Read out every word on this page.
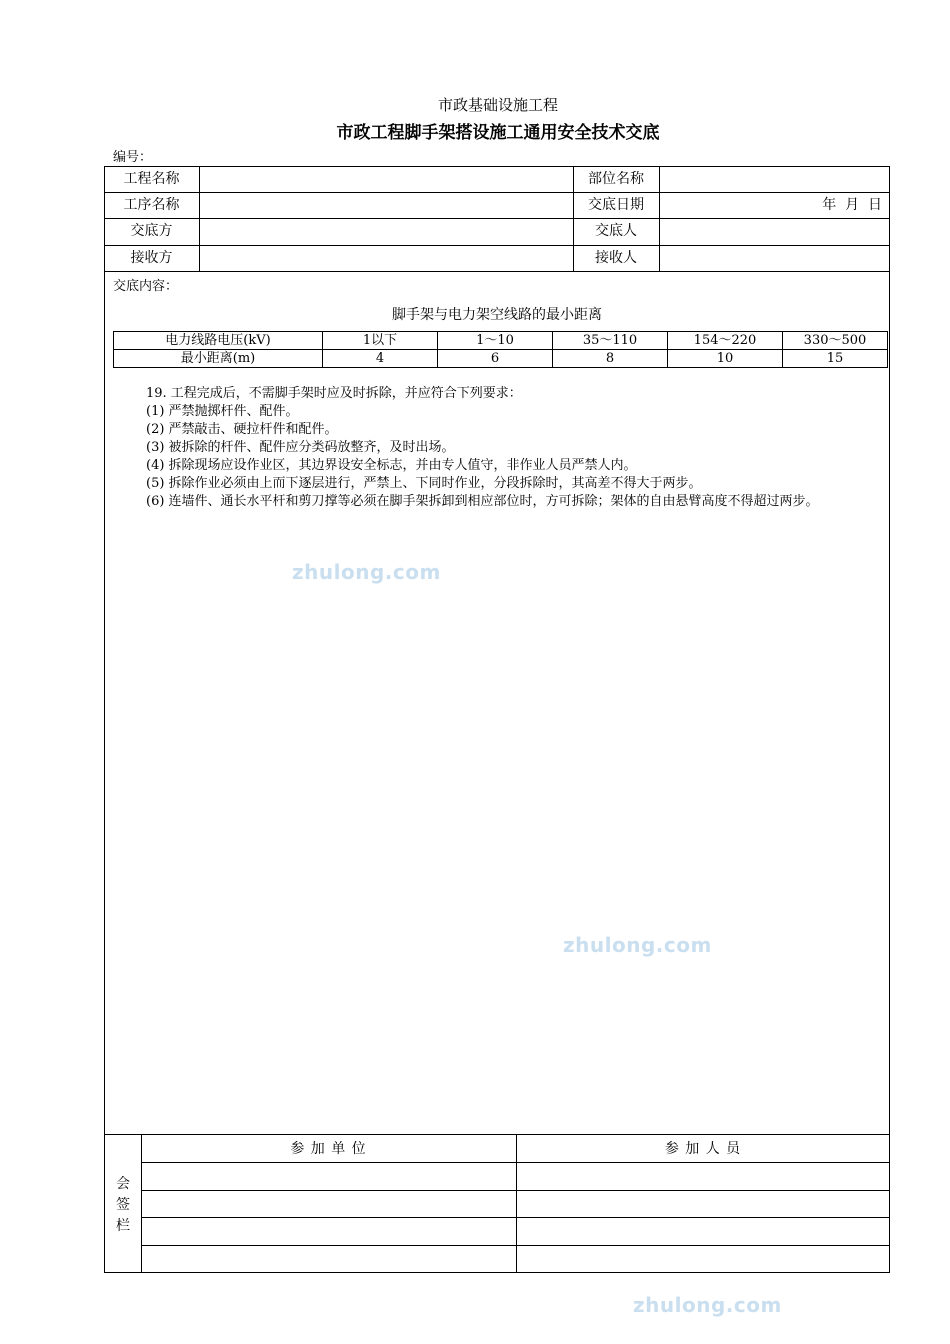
市政基础设施工程
市政工程脚手架搭设施工通用安全技术交底
编号：
工程名称	部位名称
工序名称	交底日期	年  月  日
交底方	交底人
接收方	接收人
交底内容：
脚手架与电力架空线路的最小距离
电力线路电压(kV)	1以下	1～10	35～110	154～220	330～500
最小距离(m)	4	6	8	10	15

19. 工程完成后，不需脚手架时应及时拆除，并应符合下列要求：

(1) 严禁抛掷杆件、配件。

(2) 严禁敲击、硬拉杆件和配件。

(3) 被拆除的杆件、配件应分类码放整齐，及时出场。

(4) 拆除现场应设作业区，其边界设安全标志，并由专人值守，非作业人员严禁人内。

(5) 拆除作业必须由上而下逐层进行，严禁上、下同时作业，分段拆除时，其高差不得大于两步。

(6) 连墙件、通长水平杆和剪刀撑等必须在脚手架拆卸到相应部位时，方可拆除；架体的自由悬臂高度不得超过两步。

zhulong.com
zhulong.com
zhulong.com
会签栏
参 加 单 位	参 加 人 员
